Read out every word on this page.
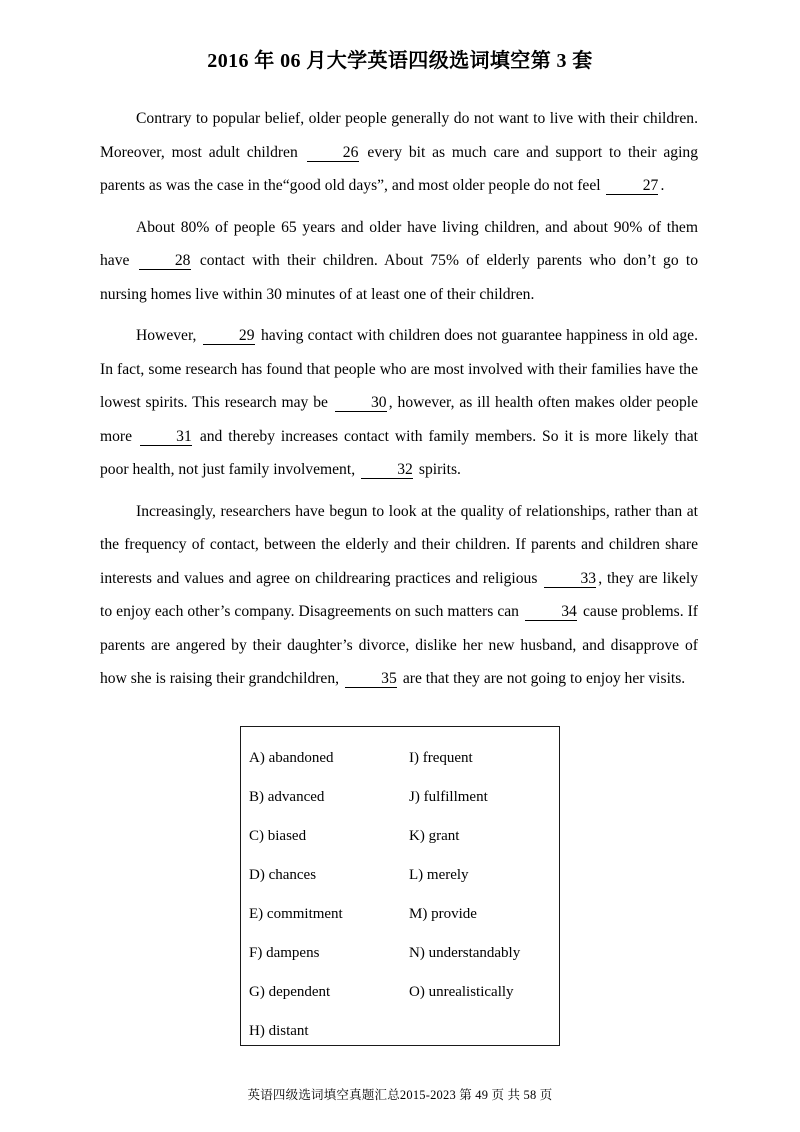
2016 年 06 月大学英语四级选词填空第 3 套

Contrary to popular belief, older people generally do not want to live with their children. Moreover, most adult children 26 every bit as much care and support to their aging parents as was the case in the“good old days”, and most older people do not feel 27 .

About 80% of people 65 years and older have living children, and about 90% of them have 28 contact with their children. About 75% of elderly parents who don’t go to nursing homes live within 30 minutes of at least one of their children.

However, 29 having contact with children does not guarantee happiness in old age. In fact, some research has found that people who are most involved with their families have the lowest spirits. This research may be 30 , however, as ill health often makes older people more 31 and thereby increases contact with family members. So it is more likely that poor health, not just family involvement, 32 spirits.

Increasingly, researchers have begun to look at the quality of relationships, rather than at the frequency of contact, between the elderly and their children. If parents and children share interests and values and agree on childrearing practices and religious 33 , they are likely to enjoy each other’s company. Disagreements on such matters can 34 cause problems. If parents are angered by their daughter’s divorce, dislike her new husband, and disapprove of how she is raising their grandchildren, 35 are that they are not going to enjoy her visits.

A) abandoned
B) advanced
C) biased
D) chances
E) commitment
F) dampens
G) dependent
H) distant
I) frequent
J) fulfillment
K) grant
L) merely
M) provide
N) understandably
O) unrealistically
英语四级选词填空真题汇总2015-2023 第 49 页 共 58 页
